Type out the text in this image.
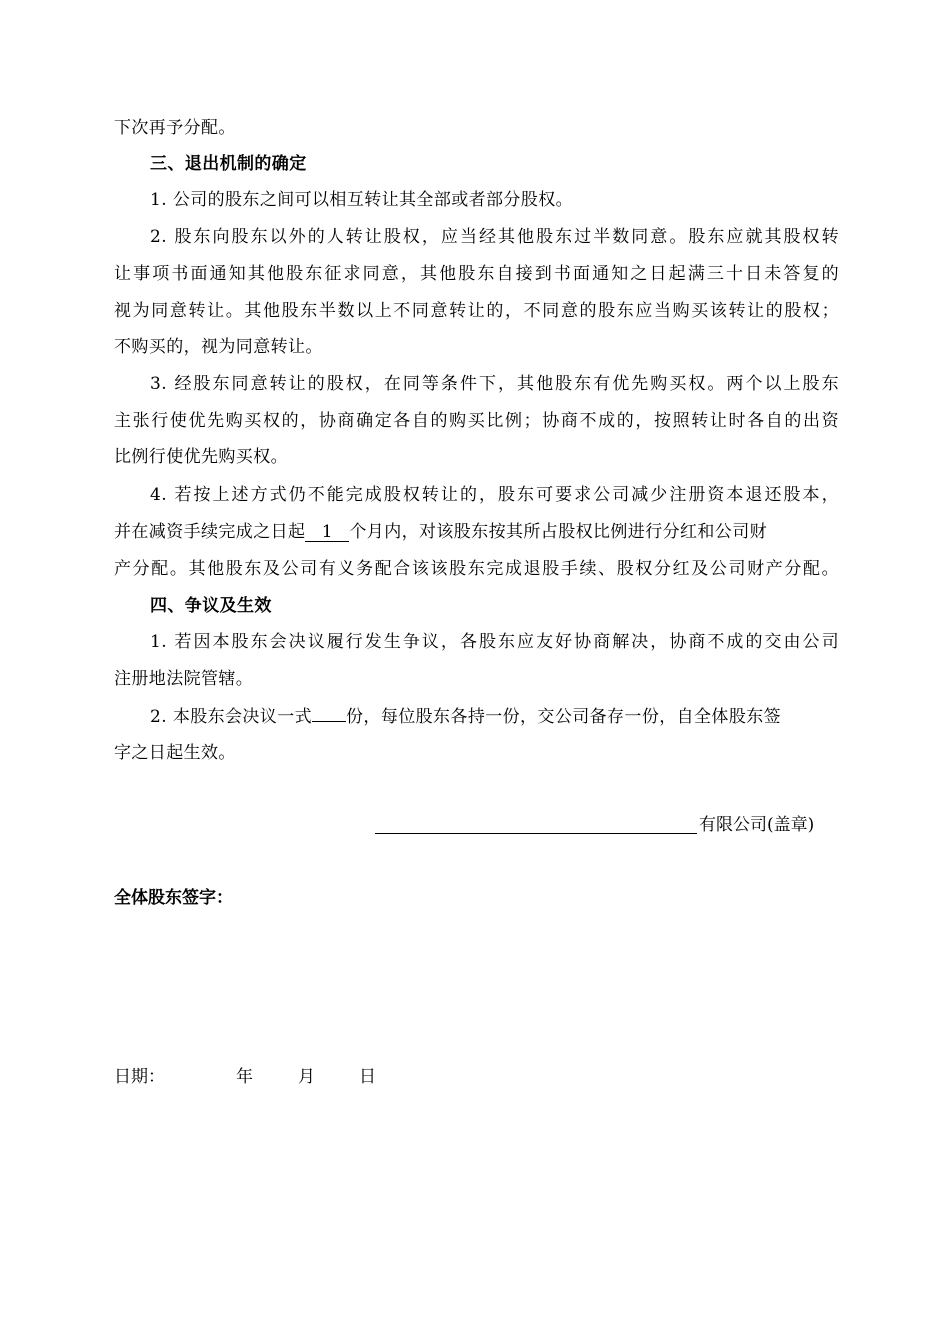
下次再予分配。
三、退出机制的确定
1. 公司的股东之间可以相互转让其全部或者部分股权。
2. 股东向股东以外的人转让股权，应当经其他股东过半数同意。股东应就其股权转
让事项书面通知其他股东征求同意，其他股东自接到书面通知之日起满三十日未答复的
视为同意转让。其他股东半数以上不同意转让的，不同意的股东应当购买该转让的股权；
不购买的，视为同意转让。
3. 经股东同意转让的股权，在同等条件下，其他股东有优先购买权。两个以上股东
主张行使优先购买权的，协商确定各自的购买比例；协商不成的，按照转让时各自的出资
比例行使优先购买权。
4. 若按上述方式仍不能完成股权转让的，股东可要求公司减少注册资本退还股本，
并在减资手续完成之日起 1 个月内，对该股东按其所占股权比例进行分红和公司财
产分配。其他股东及公司有义务配合该该股东完成退股手续、股权分红及公司财产分配。
四、争议及生效
1. 若因本股东会决议履行发生争议，各股东应友好协商解决，协商不成的交由公司
注册地法院管辖。
2. 本股东会决议一式 份，每位股东各持一份，交公司备存一份，自全体股东签
字之日起生效。
有限公司(盖章)
全体股东签字：
日期：	年	月	日
